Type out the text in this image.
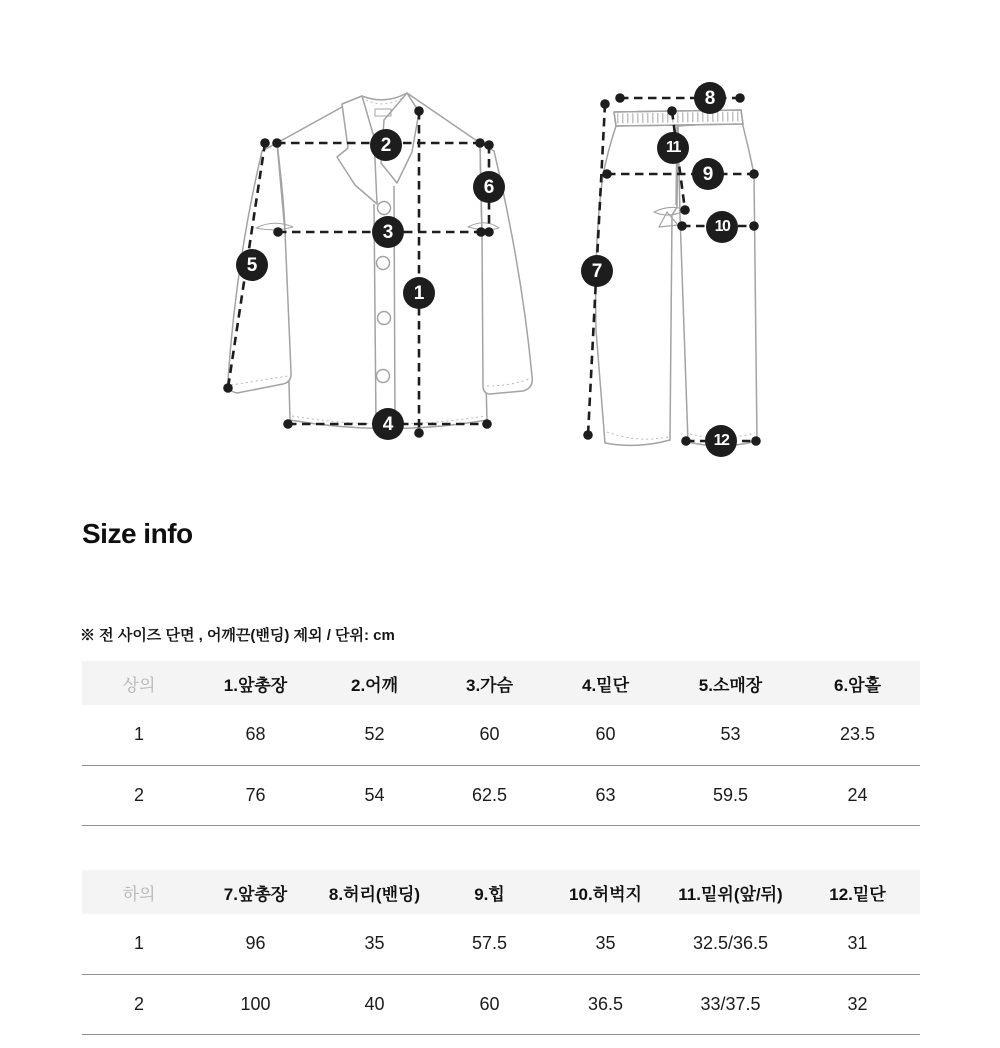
1
2
3
4
5
6
7
8
9
10
11
12
Size info

※ 전 사이즈 단면 , 어깨끈(밴딩) 제외 / 단위: cm

상의	1.앞총장	2.어깨	3.가슴	4.밑단	5.소매장	6.암홀
1	68	52	60	60	53	23.5
2	76	54	62.5	63	59.5	24
하의	7.앞총장	8.허리(밴딩)	9.힙	10.허벅지	11.밑위(앞/뒤)	12.밑단
1	96	35	57.5	35	32.5/36.5	31
2	100	40	60	36.5	33/37.5	32
